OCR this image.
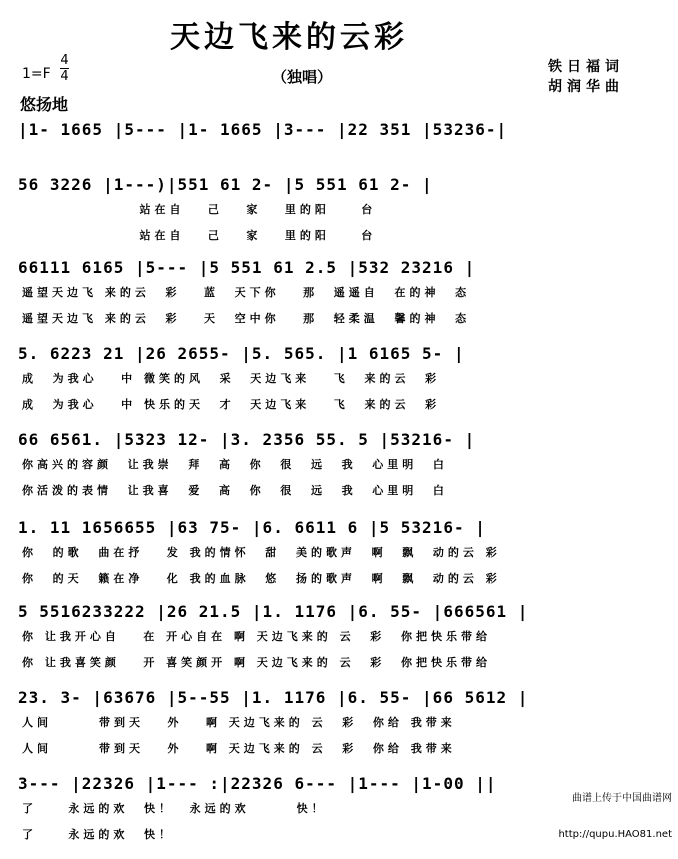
天边飞来的云彩
1=F
4
4	（独唱）
铁日福词
胡润华曲
悠扬地
|1- 1665 |5--- |1- 1665 |3--- |22 351 |53236-|
56 3226 |1---)|551 61 2- |5 551 61 2- |
站在自   己   家   里的阳    台
站在自   己   家   里的阳    台
66111 6165 |5--- |5 551 61 2.5 |532 23216 |
遥望天边飞 来的云  彩   蓝  天下你   那  遥遥自  在的神  态
遥望天边飞 来的云  彩   天  空中你   那  轻柔温  馨的神  态
5. 6223 21 |26 2655- |5. 565. |1 6165 5- |
成  为我心   中 微笑的风  采  天边飞来   飞  来的云  彩
成  为我心   中 快乐的天  才  天边飞来   飞  来的云  彩
66 6561. |5323 12- |3. 2356 55. 5 |53216- |
你高兴的容颜  让我崇  拜  高  你  很  远  我  心里明  白
你活泼的表情  让我喜  爱  高  你  很  远  我  心里明  白
1. 11 1656655 |63 75- |6. 6611 6 |5 53216- |
你  的歌  曲在抒   发 我的情怀  甜  美的歌声  啊  飘  动的云 彩
你  的天  籁在净   化 我的血脉  悠  扬的歌声  啊  飘  动的云 彩
5 5516233222 |26 21.5 |1. 1176 |6. 55- |666561 |
你 让我开心自   在 开心自在 啊 天边飞来的 云  彩  你把快乐带给
你 让我喜笑颜   开 喜笑颜开 啊 天边飞来的 云  彩  你把快乐带给
23. 3- |63676 |5--55 |1. 1176 |6. 55- |66 5612 |
人间      带到天   外   啊 天边飞来的 云  彩  你给 我带来
人间      带到天   外   啊 天边飞来的 云  彩  你给 我带来
3--- |22326 |1--- :|22326 6--- |1--- |1-00 ||
了    永远的欢  快！  永远的欢      快！
了    永远的欢  快！

曲谱上传于中国曲谱网

http://qupu.HAO81.net
